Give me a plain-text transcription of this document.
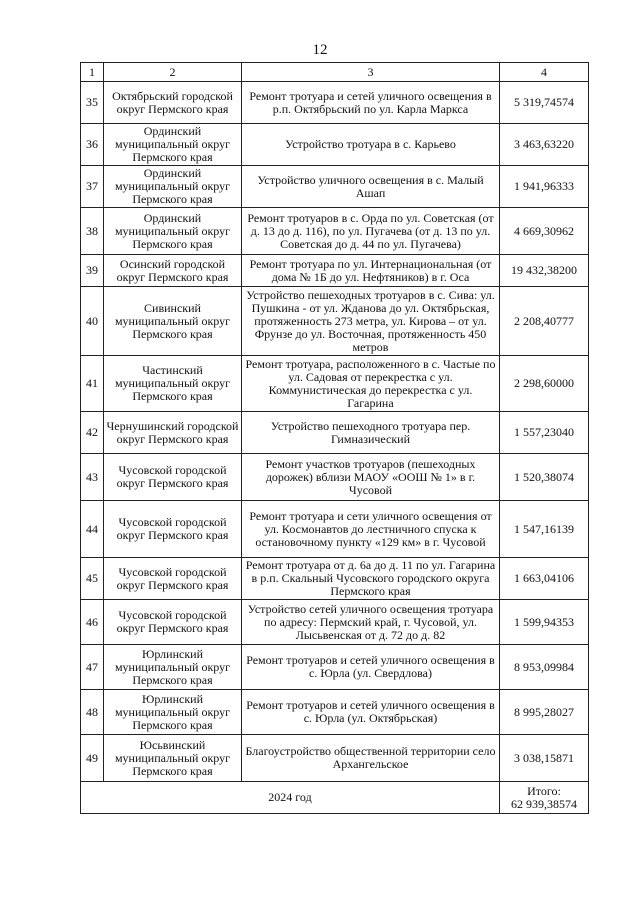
12
1	2	3	4
35	Октябрьский городской округ Пермского края	Ремонт тротуара и сетей уличного освещения в р.п. Октябрьский по ул. Карла Маркса	5 319,74574
36	Ординский муниципальный округ Пермского края	Устройство тротуара в с. Карьево	3 463,63220
37	Ординский муниципальный округ Пермского края	Устройство уличного освещения в с. Малый Ашап	1 941,96333
38	Ординский муниципальный округ Пермского края	Ремонт тротуаров в с. Орда по ул. Советская (от д. 13 до д. 116), по ул. Пугачева (от д. 13 по ул. Советская до д. 44 по ул. Пугачева)	4 669,30962
39	Осинский городской округ Пермского края	Ремонт тротуара по ул. Интернациональная (от дома № 1Б до ул. Нефтяников) в г. Оса	19 432,38200
40	Сивинский муниципальный округ Пермского края	Устройство пешеходных тротуаров в с. Сива: ул. Пушкина - от ул. Жданова до ул. Октябрьская, протяженность 273 метра, ул. Кирова – от ул. Фрунзе до ул. Восточная, протяженность 450 метров	2 208,40777
41	Частинский муниципальный округ Пермского края	Ремонт тротуара, расположенного в с. Частые по ул. Садовая от перекрестка с ул. Коммунистическая до перекрестка с ул. Гагарина	2 298,60000
42	Чернушинский городской округ Пермского края	Устройство пешеходного тротуара пер. Гимназический	1 557,23040
43	Чусовской городской округ Пермского края	Ремонт участков тротуаров (пешеходных дорожек) вблизи МАОУ «ООШ № 1» в г. Чусовой	1 520,38074
44	Чусовской городской округ Пермского края	Ремонт тротуара и сети уличного освещения от ул. Космонавтов до лестничного спуска к остановочному пункту «129 км» в г. Чусовой	1 547,16139
45	Чусовской городской округ Пермского края	Ремонт тротуара от д. 6а до д. 11 по ул. Гагарина в р.п. Скальный Чусовского городского округа Пермского края	1 663,04106
46	Чусовской городской округ Пермского края	Устройство сетей уличного освещения тротуара по адресу: Пермский край, г. Чусовой, ул. Лысьвенская от д. 72 до д. 82	1 599,94353
47	Юрлинский муниципальный округ Пермского края	Ремонт тротуаров и сетей уличного освещения в с. Юрла (ул. Свердлова)	8 953,09984
48	Юрлинский муниципальный округ Пермского края	Ремонт тротуаров и сетей уличного освещения в с. Юрла (ул. Октябрьская)	8 995,28027
49	Юсьвинский муниципальный округ Пермского края	Благоустройство общественной территории село Архангельское	3 038,15871
2024 год			Итого:
62 939,38574
